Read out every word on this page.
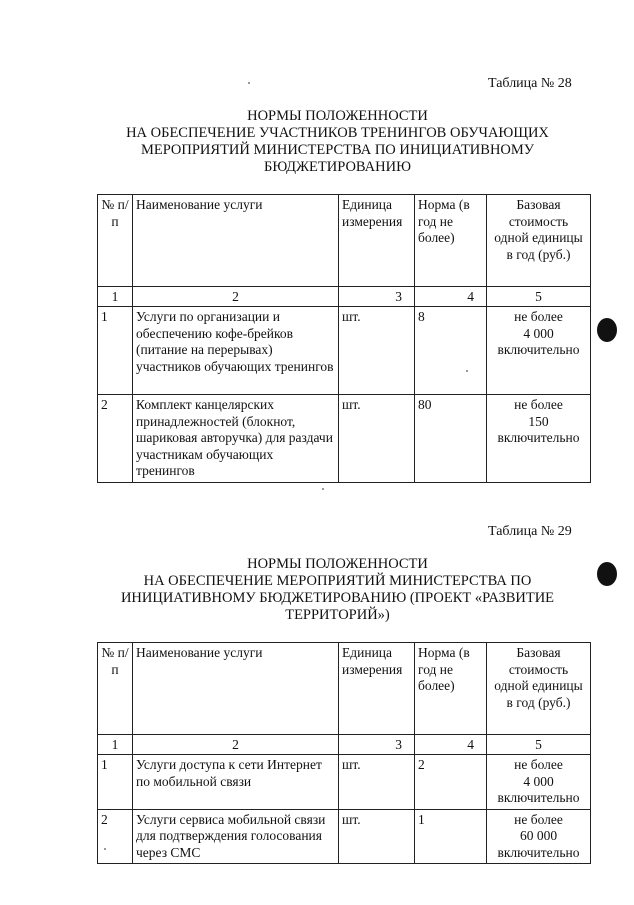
Таблица № 28
НОРМЫ ПОЛОЖЕННОСТИ
НА ОБЕСПЕЧЕНИЕ УЧАСТНИКОВ ТРЕНИНГОВ ОБУЧАЮЩИХ
МЕРОПРИЯТИЙ МИНИСТЕРСТВА ПО ИНИЦИАТИВНОМУ
БЮДЖЕТИРОВАНИЮ
№ п/п	Наименование услуги	Единица измерения	Норма (в год не более)	Базовая стоимость одной единицы в год (руб.)
1	2	3	4	5
1	Услуги по организации и обеспечению кофе-брейков (питание на перерывах) участников обучающих тренингов	шт.	8	не более
4 000
включительно

2	Комплект канцелярских принадлежностей (блокнот, шариковая авторучка) для раздачи участникам обучающих тренингов	шт.	80	не более
150
включительно
Таблица № 29
НОРМЫ ПОЛОЖЕННОСТИ
НА ОБЕСПЕЧЕНИЕ МЕРОПРИЯТИЙ МИНИСТЕРСТВА ПО
ИНИЦИАТИВНОМУ БЮДЖЕТИРОВАНИЮ (ПРОЕКТ «РАЗВИТИЕ
ТЕРРИТОРИЙ»)
№ п/п	Наименование услуги	Единица измерения	Норма (в год не более)	Базовая стоимость одной единицы в год (руб.)
1	2	3	4	5
1	Услуги доступа к сети Интернет по мобильной связи	шт.	2	не более
4 000
включительно

2	Услуги сервиса мобильной связи для подтверждения голосования через СМС	шт.	1	не более
60 000
включительно
